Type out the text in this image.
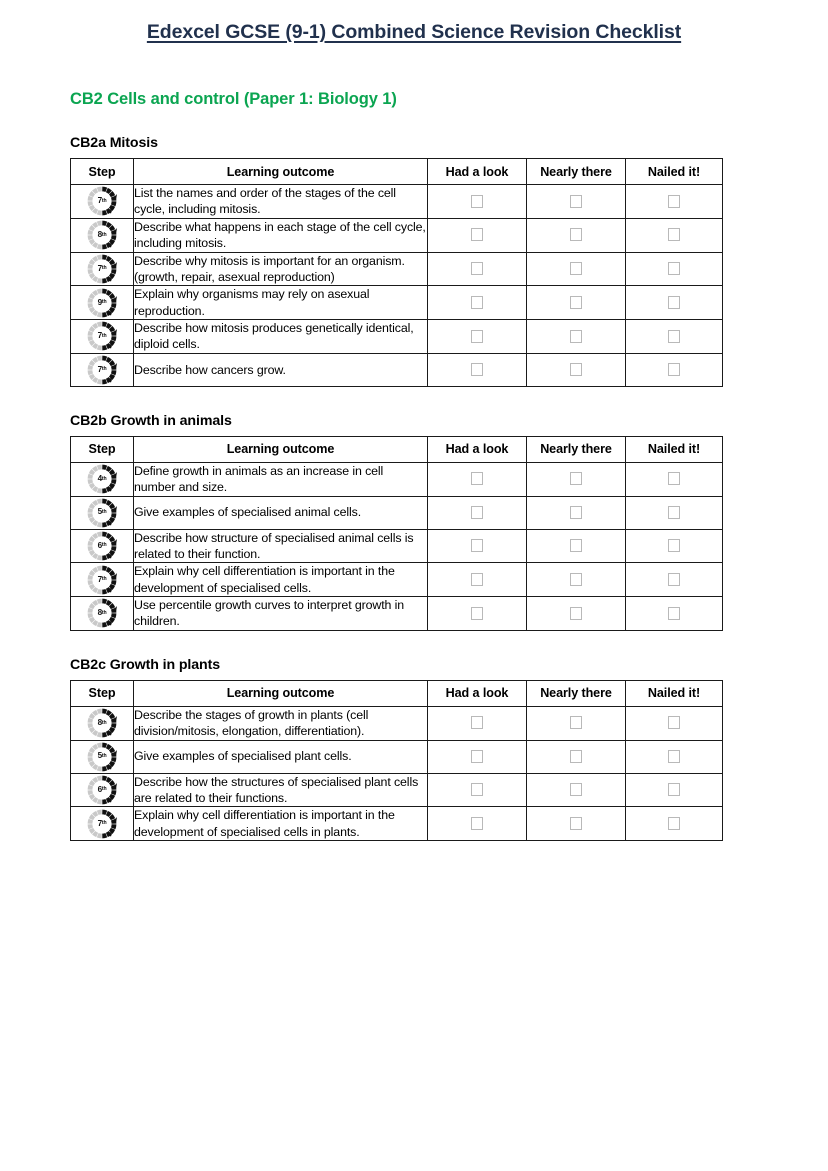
Edexcel GCSE (9-1) Combined Science Revision Checklist
CB2 Cells and control (Paper 1: Biology 1)
CB2a Mitosis
Step	Learning outcome	Had a look	Nearly there	Nailed it!

7 th	List the names and order of the stages of the cell cycle, including mitosis.			

8 th	Describe what happens in each stage of the cell cycle, including mitosis.			

7 th	Describe why mitosis is important for an organism. (growth, repair, asexual reproduction)			

9 th	Explain why organisms may rely on asexual reproduction.			

7 th	Describe how mitosis produces genetically identical, diploid cells.			

7 th	Describe how cancers grow.			
CB2b Growth in animals
Step	Learning outcome	Had a look	Nearly there	Nailed it!

4 th	Define growth in animals as an increase in cell number and size.			

5 th	Give examples of specialised animal cells.			

6 th	Describe how structure of specialised animal cells is related to their function.			

7 th	Explain why cell differentiation is important in the development of specialised cells.			

8 th	Use percentile growth curves to interpret growth in children.			
CB2c Growth in plants
Step	Learning outcome	Had a look	Nearly there	Nailed it!

8 th	Describe the stages of growth in plants (cell division/mitosis, elongation, differentiation).			

5 th	Give examples of specialised plant cells.			

6 th	Describe how the structures of specialised plant cells are related to their functions.			

7 th	Explain why cell differentiation is important in the development of specialised cells in plants.			
